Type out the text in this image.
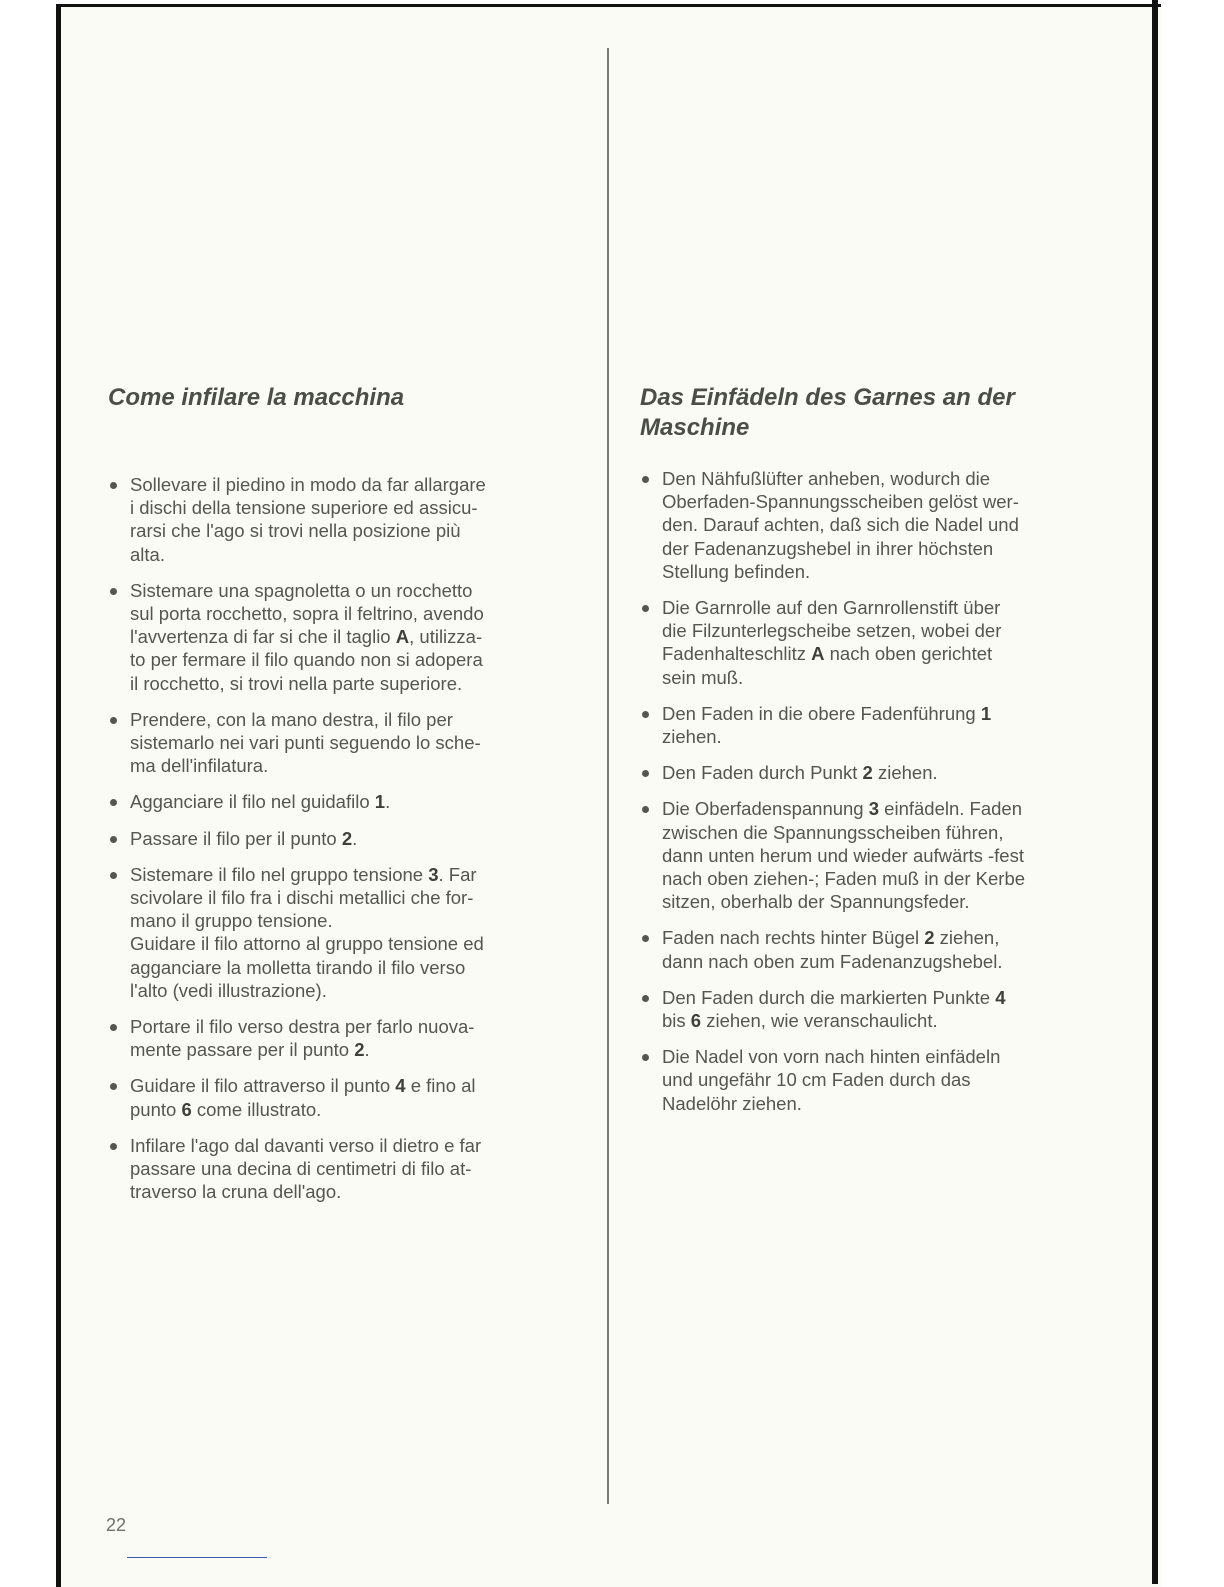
Come infilare la macchina
Sollevare il piedino in modo da far allargare
i dischi della tensione superiore ed assicu-
rarsi che l'ago si trovi nella posizione più
alta.
Sistemare una spagnoletta o un rocchetto
sul porta rocchetto, sopra il feltrino, avendo
l'avvertenza di far si che il taglio A, utilizza-
to per fermare il filo quando non si adopera
il rocchetto, si trovi nella parte superiore.
Prendere, con la mano destra, il filo per
sistemarlo nei vari punti seguendo lo sche-
ma dell'infilatura.
Agganciare il filo nel guidafilo 1.
Passare il filo per il punto 2.
Sistemare il filo nel gruppo tensione 3. Far
scivolare il filo fra i dischi metallici che for-
mano il gruppo tensione.
Guidare il filo attorno al gruppo tensione ed
agganciare la molletta tirando il filo verso
l'alto (vedi illustrazione).
Portare il filo verso destra per farlo nuova-
mente passare per il punto 2.
Guidare il filo attraverso il punto 4 e fino al
punto 6 come illustrato.
Infilare l'ago dal davanti verso il dietro e far
passare una decina di centimetri di filo at-
traverso la cruna dell'ago.
Das Einfädeln des Garnes an der Maschine
Den Nähfußlüfter anheben, wodurch die
Oberfaden-Spannungsscheiben gelöst wer-
den. Darauf achten, daß sich die Nadel und
der Fadenanzugshebel in ihrer höchsten
Stellung befinden.
Die Garnrolle auf den Garnrollenstift über
die Filzunterlegscheibe setzen, wobei der
Fadenhalteschlitz A nach oben gerichtet
sein muß.
Den Faden in die obere Fadenführung 1
ziehen.
Den Faden durch Punkt 2 ziehen.
Die Oberfadenspannung 3 einfädeln. Faden
zwischen die Spannungsscheiben führen,
dann unten herum und wieder aufwärts -fest
nach oben ziehen-; Faden muß in der Kerbe
sitzen, oberhalb der Spannungsfeder.
Faden nach rechts hinter Bügel 2 ziehen,
dann nach oben zum Fadenanzugshebel.
Den Faden durch die markierten Punkte 4
bis 6 ziehen, wie veranschaulicht.
Die Nadel von vorn nach hinten einfädeln
und ungefähr 10 cm Faden durch das
Nadelöhr ziehen.
22
